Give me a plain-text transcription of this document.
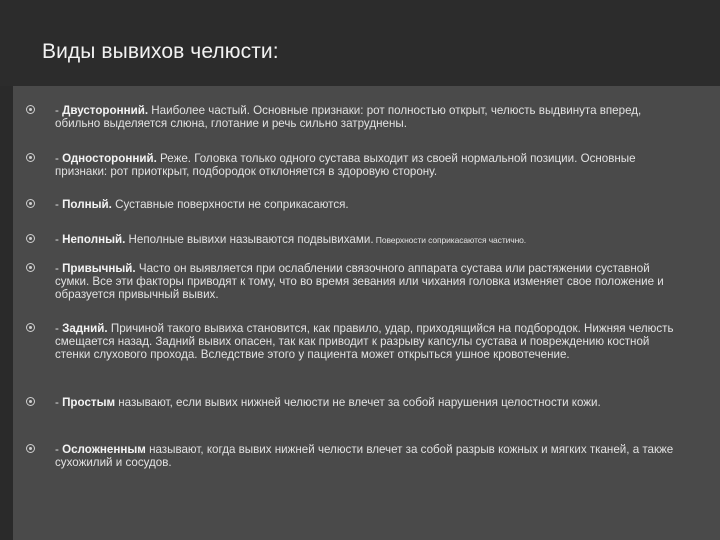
Виды вывихов челюсти:
- Двусторонний. Наиболее частый. Основные признаки: рот полностью открыт, челюсть выдвинута вперед, обильно выделяется слюна, глотание и речь сильно затруднены.
- Односторонний. Реже. Головка только одного сустава выходит из своей нормальной позиции. Основные признаки: рот приоткрыт, подбородок отклоняется в здоровую сторону.
- Полный. Суставные поверхности не соприкасаются.
- Неполный. Неполные вывихи называются подвывихами. Поверхности соприкасаются частично.
- Привычный. Часто он выявляется при ослаблении связочного аппарата сустава или растяжении суставной сумки. Все эти факторы приводят к тому, что во время зевания или чихания головка изменяет свое положение и образуется привычный вывих.
- Задний. Причиной такого вывиха становится, как правило, удар, приходящийся на подбородок. Нижняя челюсть смещается назад. Задний вывих опасен, так как приводит к разрыву капсулы сустава и повреждению костной стенки слухового прохода. Вследствие этого у пациента может открыться ушное кровотечение.
- Простым называют, если вывих нижней челюсти не влечет за собой нарушения целостности кожи.
- Осложненным называют, когда вывих нижней челюсти влечет за собой разрыв кожных и мягких тканей, а также сухожилий и сосудов.
